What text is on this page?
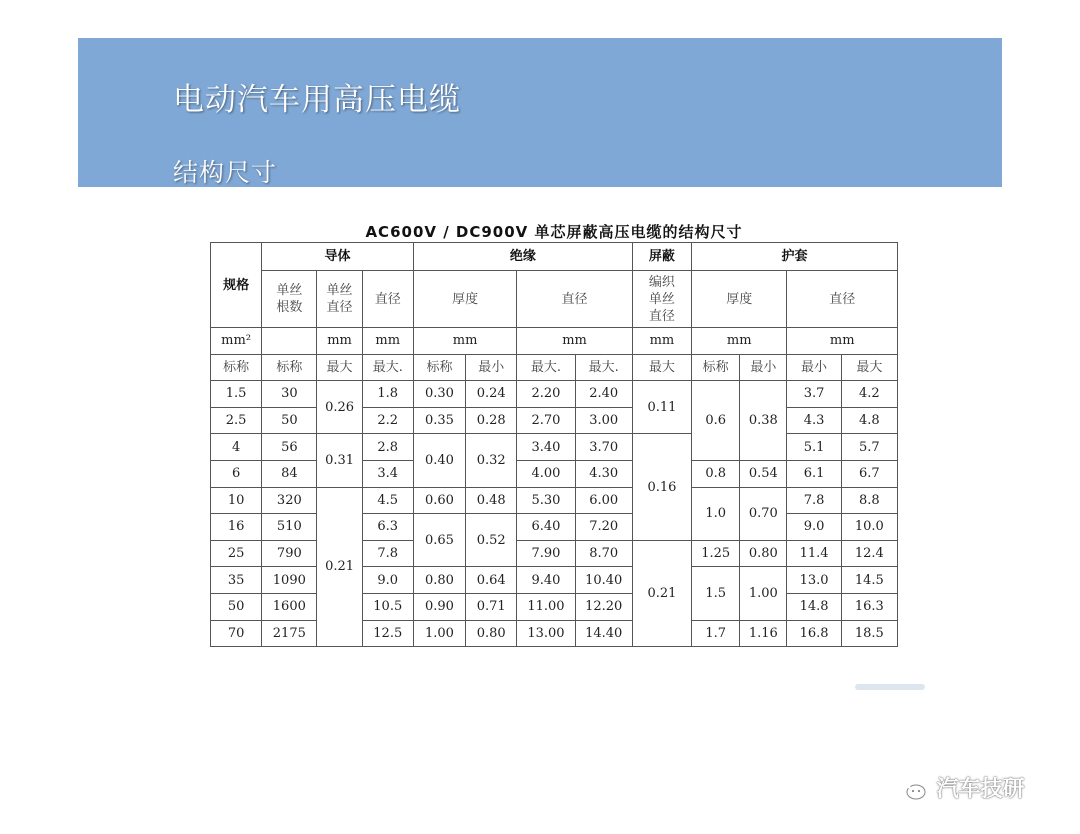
电动汽车用高压电缆
结构尺寸
AC600V / DC900V 单芯屏蔽高压电缆的结构尺寸
规格	导体			绝缘				屏蔽	护套			
	单丝根数	单丝直径	直径	厚度		直径		编织单丝直径	厚度		直径	
mm²		mm	mm	mm		mm		mm	mm		mm	
标称	标称	最大	最大.	标称	最小	最大.	最大.	最大	标称	最小	最小	最大
1.5	30	0.26	1.8	0.30	0.24	2.20	2.40	0.11	0.6	0.38	3.7	4.2
2.5	50		2.2	0.35	0.28	2.70	3.00				4.3	4.8
4	56	0.31	2.8	0.40	0.32	3.40	3.70	0.16			5.1	5.7
6	84		3.4			4.00	4.30		0.8	0.54	6.1	6.7
10	320	0.21	4.5	0.60	0.48	5.30	6.00		1.0	0.70	7.8	8.8
16	510		6.3	0.65	0.52	6.40	7.20				9.0	10.0
25	790		7.8			7.90	8.70	0.21	1.25	0.80	11.4	12.4
35	1090		9.0	0.80	0.64	9.40	10.40		1.5	1.00	13.0	14.5
50	1600		10.5	0.90	0.71	11.00	12.20				14.8	16.3
70	2175		12.5	1.00	0.80	13.00	14.40		1.7	1.16	16.8	18.5
汽车技研
